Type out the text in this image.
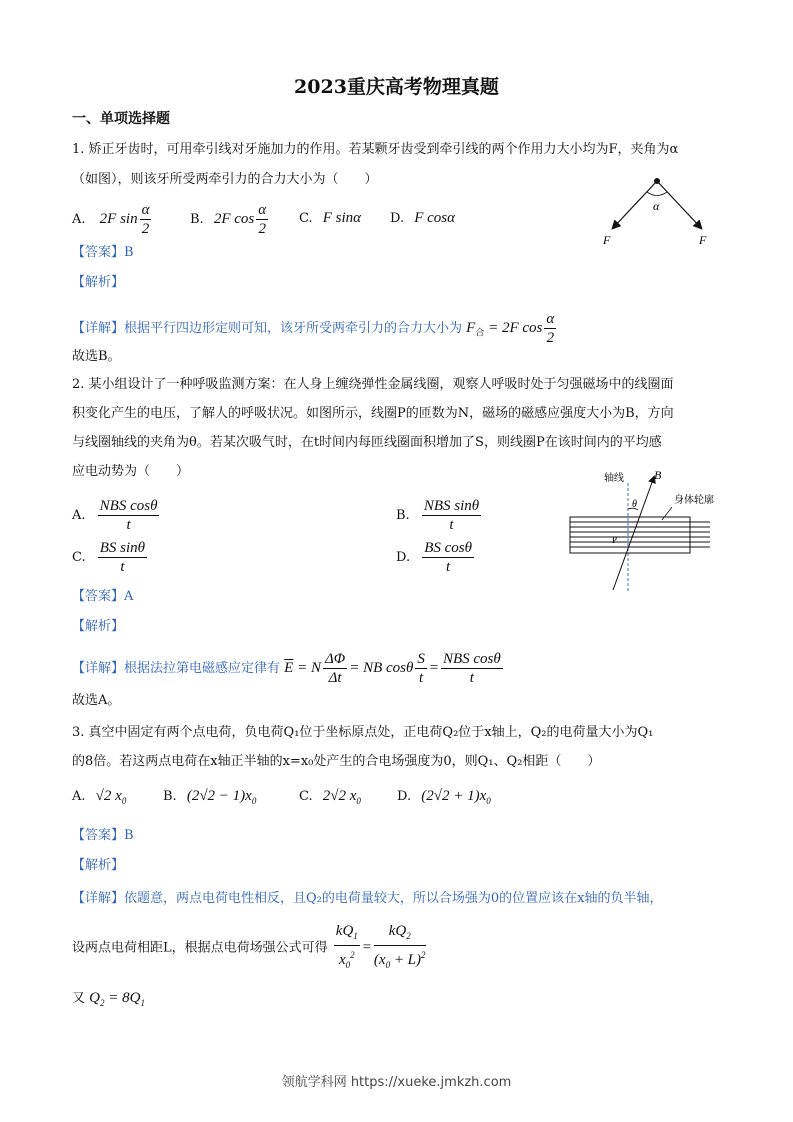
2023重庆高考物理真题
一、单项选择题
1. 矫正牙齿时，可用牵引线对牙施加力的作用。若某颗牙齿受到牵引线的两个作用力大小均为F，夹角为α
（如图），则该牙所受两牵引力的合力大小为（　　）
A. 2F $\sin \frac{\alpha}{2}$	B. 2F $\cos \frac{\alpha}{2} C$. F sinα D. F cosα
α
F	F
【答案】B
【解析】
【详解】根据平行四边形定则可知，该牙所受两牵引力的合力大小为 $F_合 = 2F$ $\cos \frac{\alpha}{2}$
故选B。
2. 某小组设计了一种呼吸监测方案：在人身上缠绕弹性金属线圈，观察人呼吸时处于匀强磁场中的线圈面
积变化产生的电压，了解人的呼吸状况。如图所示，线圈P的匝数为N，磁场的磁感应强度大小为B，方向
与线圈轴线的夹角为θ。若某次吸气时，在t时间内每匝线圈面积增加了S，则线圈P在该时间内的平均感
应电动势为（　　）
A. $\frac{\text{NBS cosθ}}{t}$	B. $\frac{\text{NBS sinθ}}{t}$
C. $\frac{\text{BS sinθ}}{t}$	D. $\frac{\text{BS cosθ}}{t}$
轴线	B
θ	身体轮廓
P
【答案】A
【解析】
【详解】根据法拉第电磁感应定律有 $\overline{E} = N \frac{\Delta\Phi}{\Delta t}$ = NB cosθ $\frac{S}{t} = \frac{\text{NBS cosθ}}{t}$
故选A。
3. 真空中固定有两个点电荷，负电荷Q₁位于坐标原点处，正电荷Q₂位于x轴上，Q₂的电荷量大小为Q₁
的8倍。若这两点电荷在x轴正半轴的x=x₀处产生的合电场强度为0，则Q₁、Q₂相距（　　）
A. √2 $x_0$	B. $(2√2 - 1)x_0$	C. 2√2 $x_0$	D. $(2√2 + 1)x_0$
【答案】B
【解析】
【详解】依题意，两点电荷电性相反，且Q₂的电荷量较大，所以合场强为0的位置应该在x轴的负半轴，
设两点电荷相距L，根据点电荷场强公式可得 $\frac{kQ_1}{x_0^2} = \frac{kQ_2}{(x_0 + L)^2}$
又 $Q_2 = 8Q_1$
领航学科网 https://xueke.jmkzh.com
